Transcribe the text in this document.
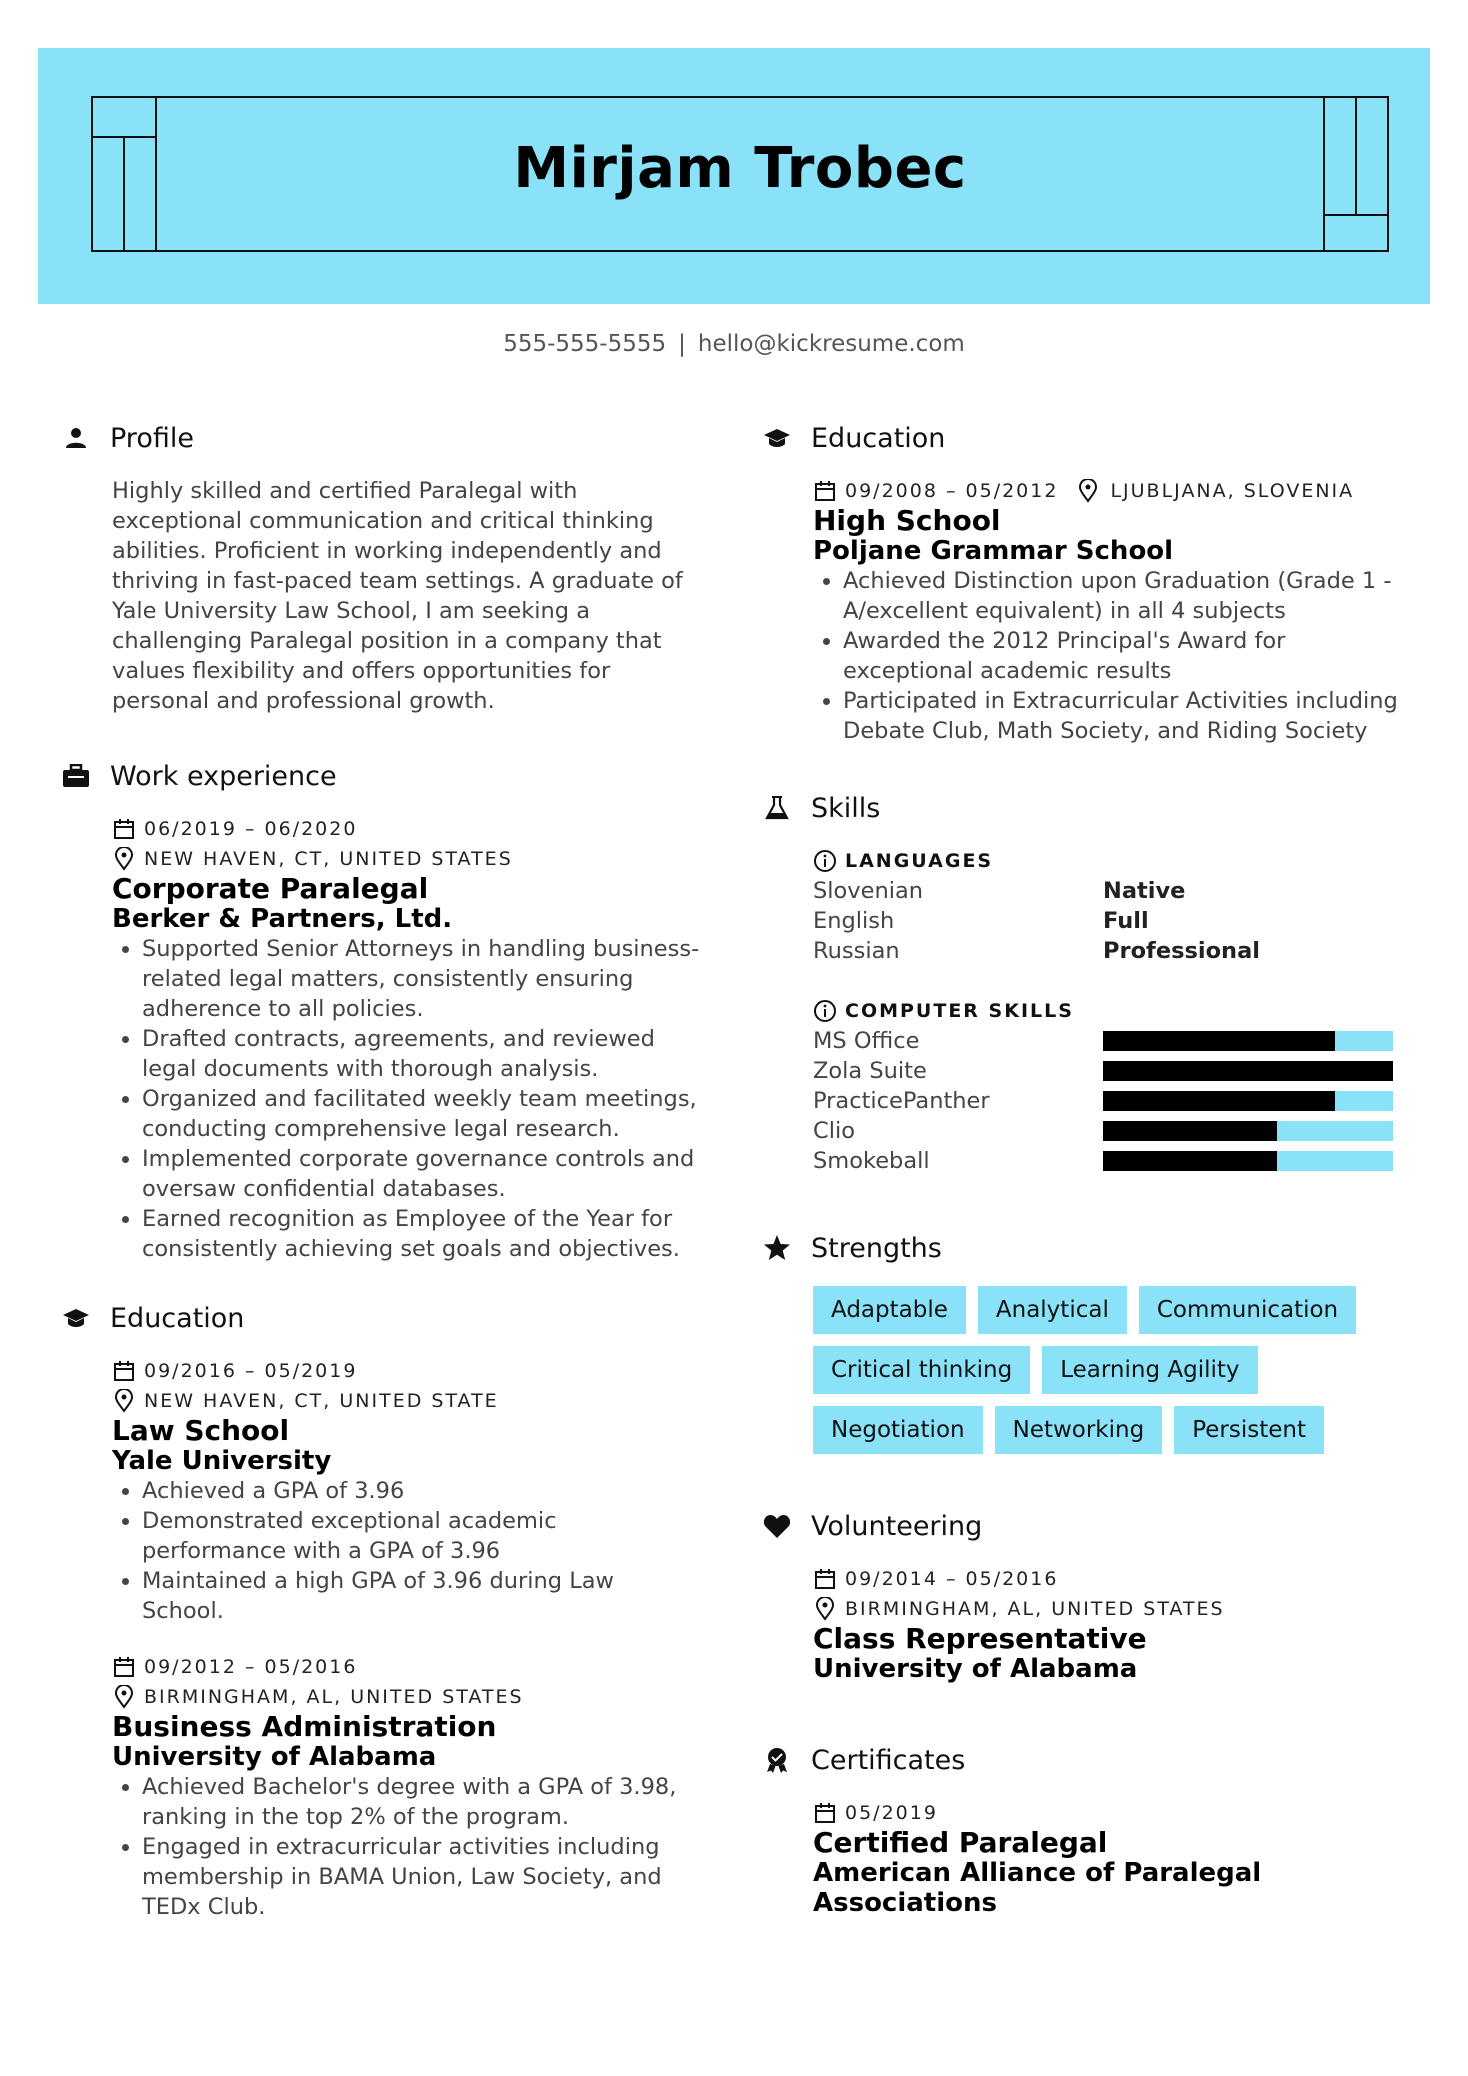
Mirjam Trobec
555-555-5555 | hello@kickresume.com
Profile

Highly skilled and certified Paralegal with exceptional communication and critical thinking abilities. Proficient in working independently and thriving in fast-paced team settings. A graduate of Yale University Law School, I am seeking a challenging Paralegal position in a company that values flexibility and offers opportunities for personal and professional growth.

Work experience
06/2019 – 06/2020
NEW HAVEN, CT, UNITED STATES
Corporate Paralegal
Berker & Partners, Ltd.
• Supported Senior Attorneys in handling business-related legal matters, consistently ensuring adherence to all policies.
• Drafted contracts, agreements, and reviewed legal documents with thorough analysis.
• Organized and facilitated weekly team meetings, conducting comprehensive legal research.
• Implemented corporate governance controls and oversaw confidential databases.
• Earned recognition as Employee of the Year for consistently achieving set goals and objectives.
Education
09/2016 – 05/2019
NEW HAVEN, CT, UNITED STATE
Law School
Yale University
• Achieved a GPA of 3.96
• Demonstrated exceptional academic performance with a GPA of 3.96
• Maintained a high GPA of 3.96 during Law School.
09/2012 – 05/2016
BIRMINGHAM, AL, UNITED STATES
Business Administration
University of Alabama
• Achieved Bachelor's degree with a GPA of 3.98, ranking in the top 2% of the program.
• Engaged in extracurricular activities including membership in BAMA Union, Law Society, and TEDx Club.
Education
09/2008 – 05/2012	LJUBLJANA, SLOVENIA
High School
Poljane Grammar School
• Achieved Distinction upon Graduation (Grade 1 - A/excellent equivalent) in all 4 subjects
• Awarded the 2012 Principal's Award for exceptional academic results
• Participated in Extracurricular Activities including Debate Club, Math Society, and Riding Society
Skills
LANGUAGES
Slovenian	Native
English	Full
Russian	Professional
COMPUTER SKILLS
MS Office
Zola Suite
PracticePanther
Clio
Smokeball
Strengths
Adaptable	Analytical	Communication
Critical thinking	Learning Agility
Negotiation	Networking	Persistent
Volunteering
09/2014 – 05/2016
BIRMINGHAM, AL, UNITED STATES
Class Representative
University of Alabama
Certificates
05/2019
Certified Paralegal
American Alliance of Paralegal Associations
